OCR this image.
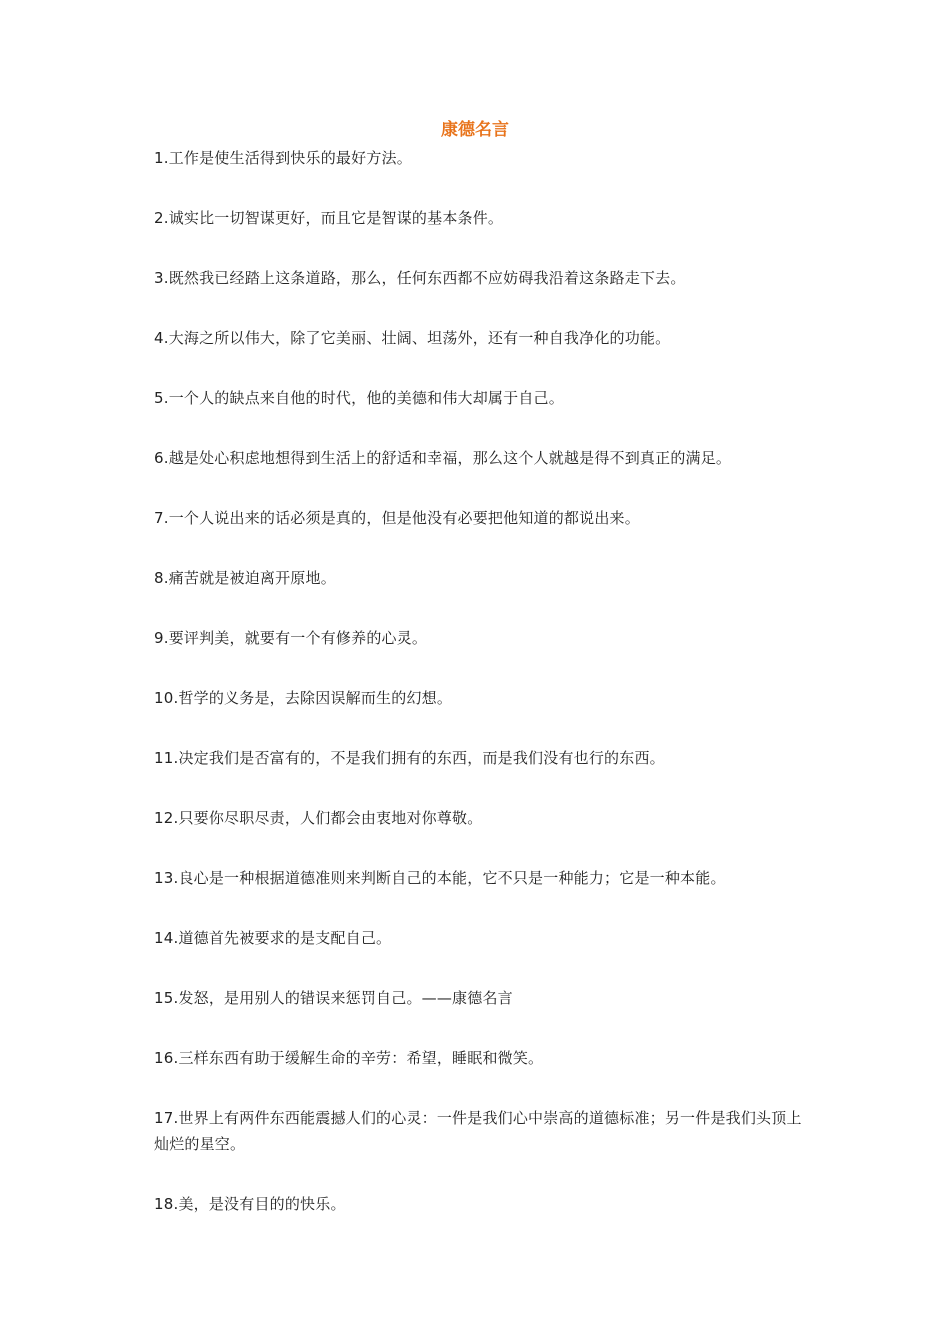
康德名言
1.工作是使生活得到快乐的最好方法。
2.诚实比一切智谋更好，而且它是智谋的基本条件。
3.既然我已经踏上这条道路，那么，任何东西都不应妨碍我沿着这条路走下去。
4.大海之所以伟大，除了它美丽、壮阔、坦荡外，还有一种自我净化的功能。
5.一个人的缺点来自他的时代，他的美德和伟大却属于自己。
6.越是处心积虑地想得到生活上的舒适和幸福，那么这个人就越是得不到真正的满足。
7.一个人说出来的话必须是真的，但是他没有必要把他知道的都说出来。
8.痛苦就是被迫离开原地。
9.要评判美，就要有一个有修养的心灵。
10.哲学的义务是，去除因误解而生的幻想。
11.决定我们是否富有的，不是我们拥有的东西，而是我们没有也行的东西。
12.只要你尽职尽责，人们都会由衷地对你尊敬。
13.良心是一种根据道德准则来判断自己的本能，它不只是一种能力；它是一种本能。
14.道德首先被要求的是支配自己。
15.发怒，是用别人的错误来惩罚自己。——康德名言
16.三样东西有助于缓解生命的辛劳：希望，睡眠和微笑。
17.世界上有两件东西能震撼人们的心灵：一件是我们心中崇高的道德标准；另一件是我们头顶上灿烂的星空。
18.美，是没有目的的快乐。
